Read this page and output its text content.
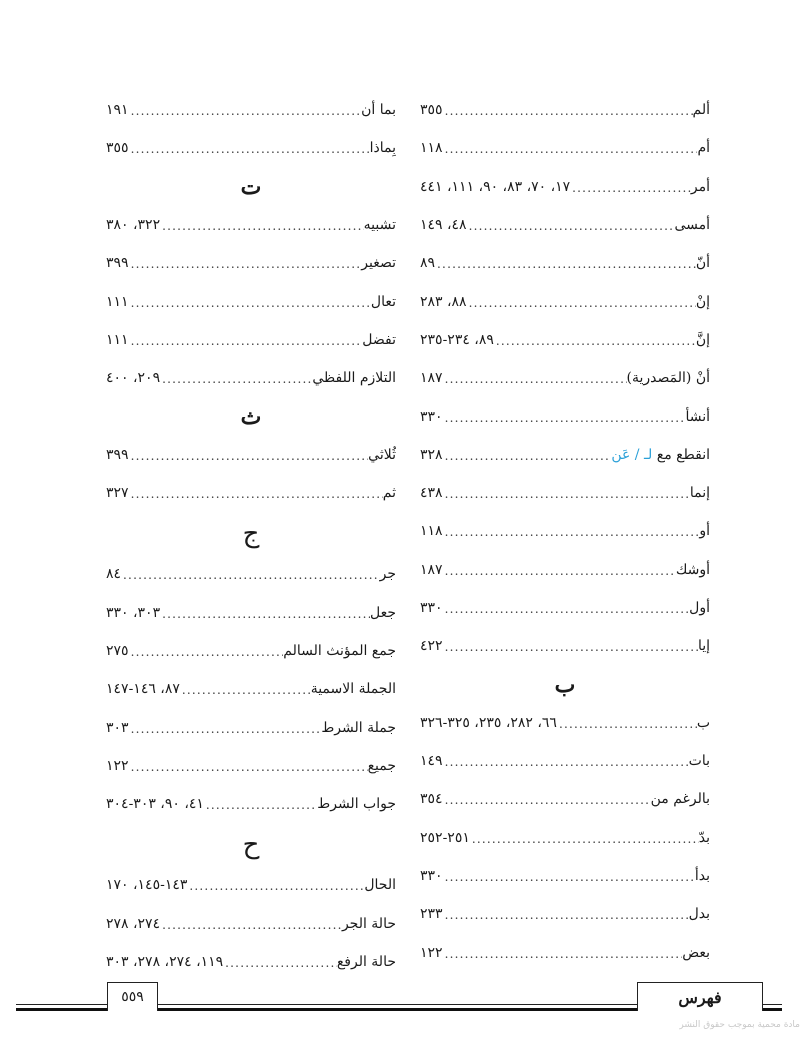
ألم
.....
٣٥٥
أم
.....
١١٨
أمر
.....
١٧، ٧٠، ٨٣، ٩٠، ١١١، ٤٤١
أمسى
.....
٤٨، ١٤٩
أنّ
.....
٨٩
إنْ
.....
٨٨، ٢٨٣
إنَّ
.....
٨٩، ٢٣٤-٢٣٥
أنْ (المَصدرية)
.....
١٨٧
أنشأ
.....
٣٣٠
انقطع مع

لـ / عَن
.....
٣٢٨
إنما
.....
٤٣٨
أو
.....
١١٨
أوشك
.....
١٨٧
أول
.....
٣٣٠
إيا
.....
٤٢٢
ب
ب
.....
٦٦، ٢٨٢، ٢٣٥، ٣٢٥-٣٢٦
بات
.....
١٤٩
بالرغم من
.....
٣٥٤
بدّ
.....
٢٥١-٢٥٢
بدأ
.....
٣٣٠
بدل
.....
٢٣٣
بعض
.....
١٢٢
بما أن
.....
١٩١
بِماذا
.....
٣٥٥
ت
تشبيه
.....
٣٢٢، ٣٨٠
تصغير
.....
٣٩٩
تعال
.....
١١١
تفضل
.....
١١١
التلازم اللفظي
.....
٢٠٩، ٤٠٠
ث
ثُلاثي
.....
٣٩٩
ثم
.....
٣٢٧
ج
جر
.....
٨٤
جعل
.....
٣٠٣، ٣٣٠
جمع المؤنث السالم
.....
٢٧٥
الجملة الاسمية
.....
٨٧، ١٤٦-١٤٧
جملة الشرط
.....
٣٠٣
جميع
.....
١٢٢
جواب الشرط
.....
٤١، ٩٠، ٣٠٣-٣٠٤
ح
الحال
.....
١٤٣-١٤٥، ١٧٠
حالة الجر
.....
٢٧٤، ٢٧٨
حالة الرفع
.....
١١٩، ٢٧٤، ٢٧٨، ٣٠٣
٥٥٩	فهرس
مادة محمية بموجب حقوق النشر
